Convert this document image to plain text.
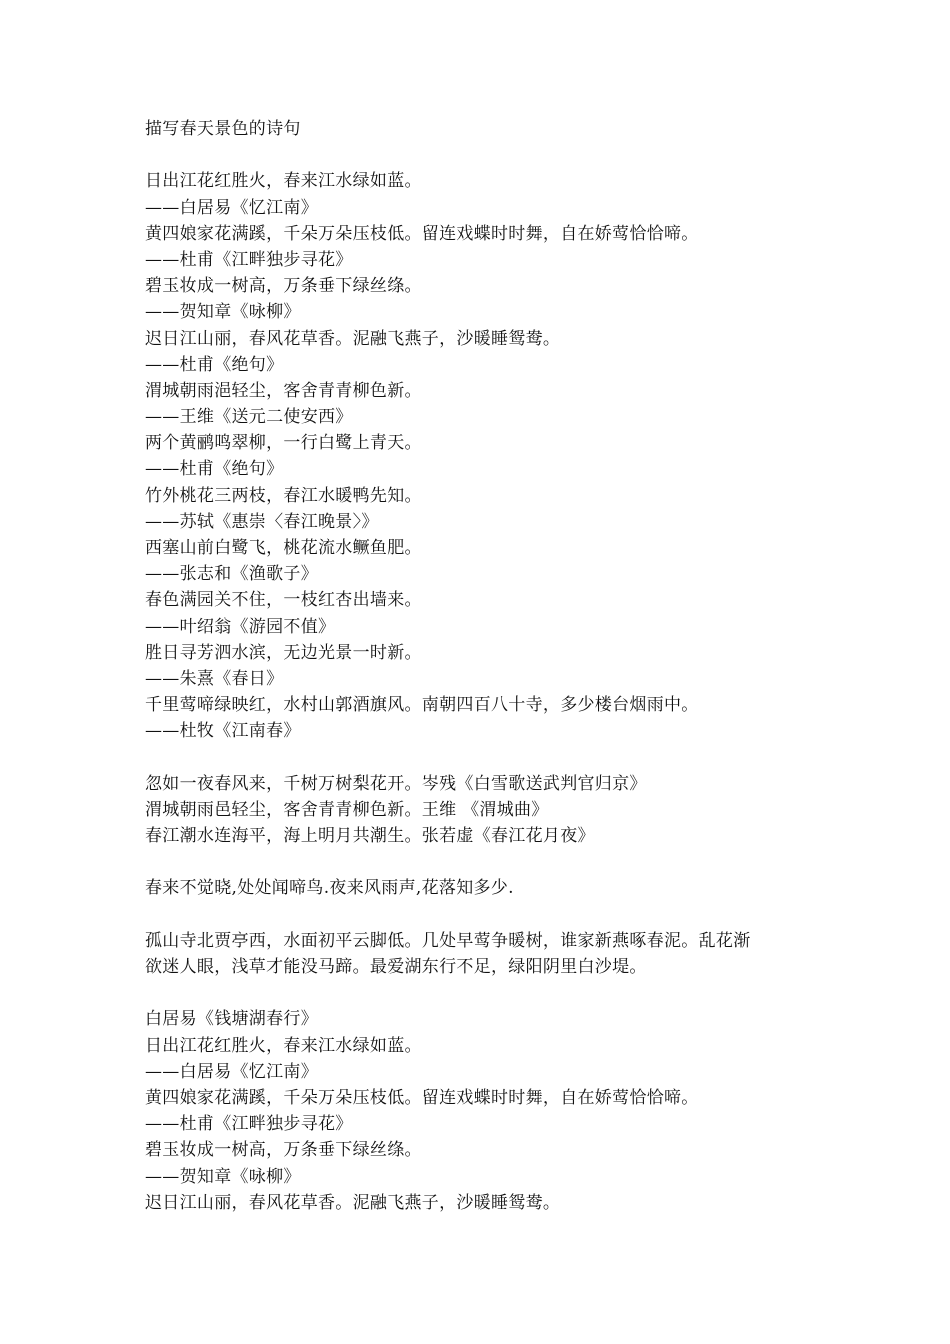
描写春天景色的诗句
日出江花红胜火，春来江水绿如蓝。
——白居易《忆江南》
黄四娘家花满蹊，千朵万朵压枝低。留连戏蝶时时舞，自在娇莺恰恰啼。
——杜甫《江畔独步寻花》
碧玉妆成一树高，万条垂下绿丝绦。
——贺知章《咏柳》
迟日江山丽，春风花草香。泥融飞燕子，沙暖睡鸳鸯。
——杜甫《绝句》
渭城朝雨浥轻尘，客舍青青柳色新。
——王维《送元二使安西》
两个黄鹂鸣翠柳，一行白鹭上青天。
——杜甫《绝句》
竹外桃花三两枝，春江水暖鸭先知。
——苏轼《惠崇〈春江晚景〉》
西塞山前白鹭飞，桃花流水鳜鱼肥。
——张志和《渔歌子》
春色满园关不住，一枝红杏出墙来。
——叶绍翁《游园不值》
胜日寻芳泗水滨，无边光景一时新。
——朱熹《春日》
千里莺啼绿映红，水村山郭酒旗风。南朝四百八十寺，多少楼台烟雨中。
——杜牧《江南春》
忽如一夜春风来，千树万树梨花开。岑残《白雪歌送武判官归京》
渭城朝雨邑轻尘，客舍青青柳色新。王维 《渭城曲》
春江潮水连海平，海上明月共潮生。张若虚《春江花月夜》
春来不觉晓,处处闻啼鸟.夜来风雨声,花落知多少.
孤山寺北贾亭西，水面初平云脚低。几处早莺争暖树，谁家新燕啄春泥。乱花渐
欲迷人眼，浅草才能没马蹄。最爱湖东行不足，绿阳阴里白沙堤。
白居易《钱塘湖春行》
日出江花红胜火，春来江水绿如蓝。
——白居易《忆江南》
黄四娘家花满蹊，千朵万朵压枝低。留连戏蝶时时舞，自在娇莺恰恰啼。
——杜甫《江畔独步寻花》
碧玉妆成一树高，万条垂下绿丝绦。
——贺知章《咏柳》
迟日江山丽，春风花草香。泥融飞燕子，沙暖睡鸳鸯。
